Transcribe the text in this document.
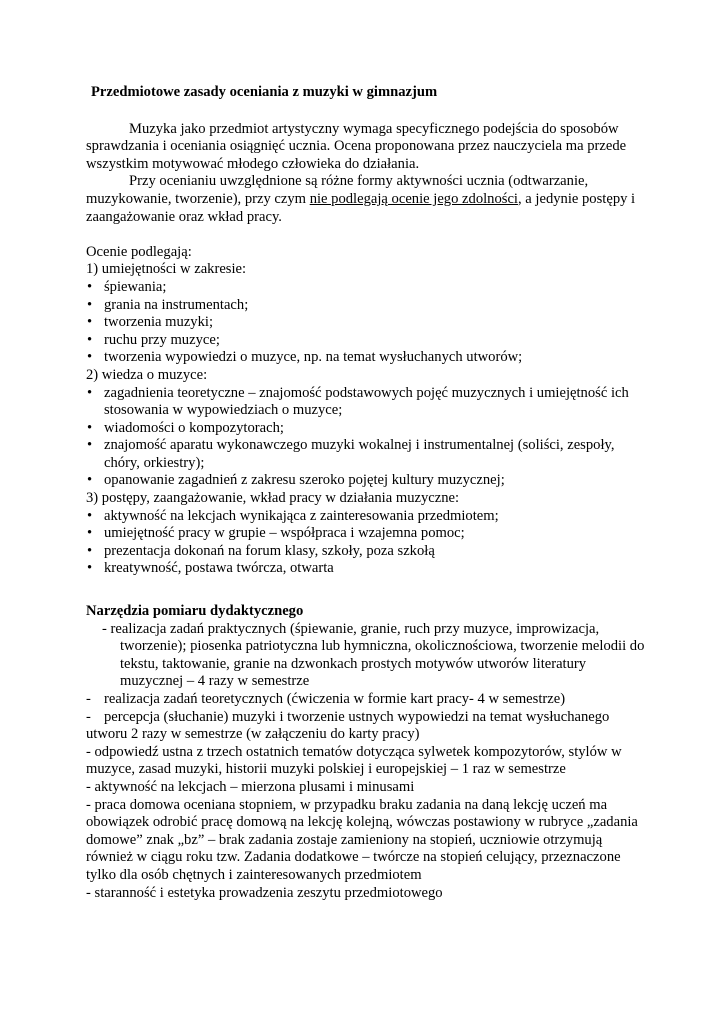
Przedmiotowe zasady oceniania z muzyki w gimnazjum

Muzyka jako przedmiot artystyczny wymaga specyficznego podejścia do sposobów sprawdzania i oceniania osiągnięć ucznia. Ocena proponowana przez nauczyciela ma przede wszystkim motywować młodego człowieka do działania.

Przy ocenianiu uwzględnione są różne formy aktywności ucznia (odtwarzanie, muzykowanie, tworzenie), przy czym nie podlegają ocenie jego zdolności, a jedynie postępy i zaangażowanie oraz wkład pracy.

Ocenie podlegają:

1) umiejętności w zakresie:

• śpiewania;
• grania na instrumentach;
• tworzenia muzyki;
• ruchu przy muzyce;
• tworzenia wypowiedzi o muzyce, np. na temat wysłuchanych utworów;

2) wiedza o muzyce:

• zagadnienia teoretyczne – znajomość podstawowych pojęć muzycznych i umiejętność ich stosowania w wypowiedziach o muzyce;
• wiadomości o kompozytorach;
• znajomość aparatu wykonawczego muzyki wokalnej i instrumentalnej (soliści, zespoły, chóry, orkiestry);
• opanowanie zagadnień z zakresu szeroko pojętej kultury muzycznej;

3) postępy, zaangażowanie, wkład pracy w działania muzyczne:

• aktywność na lekcjach wynikająca z zainteresowania przedmiotem;
• umiejętność pracy w grupie – współpraca i wzajemna pomoc;
• prezentacja dokonań na forum klasy, szkoły, poza szkołą
• kreatywność, postawa twórcza, otwarta

Narzędzia pomiaru dydaktycznego

- realizacja zadań praktycznych (śpiewanie, granie, ruch przy muzyce, improwizacja, tworzenie); piosenka patriotyczna lub hymniczna, okolicznościowa, tworzenie melodii do tekstu, taktowanie, granie na dzwonkach prostych motywów utworów literatury muzycznej – 4 razy w semestrze

- realizacja zadań teoretycznych (ćwiczenia w formie kart pracy- 4 w semestrze)

- percepcja (słuchanie) muzyki i tworzenie ustnych wypowiedzi na temat wysłuchanego utworu 2 razy w semestrze (w załączeniu do karty pracy)

- odpowiedź ustna z trzech ostatnich tematów dotycząca sylwetek kompozytorów, stylów w muzyce, zasad muzyki, historii muzyki polskiej i europejskiej – 1 raz w semestrze

- aktywność na lekcjach – mierzona plusami i minusami

- praca domowa oceniana stopniem, w przypadku braku zadania na daną lekcję uczeń ma obowiązek odrobić pracę domową na lekcję kolejną, wówczas postawiony w rubryce „zadania domowe” znak „bz” – brak zadania zostaje zamieniony na stopień, uczniowie otrzymują również w ciągu roku tzw. Zadania dodatkowe – twórcze na stopień celujący, przeznaczone tylko dla osób chętnych i zainteresowanych przedmiotem

- staranność i estetyka prowadzenia zeszytu przedmiotowego
